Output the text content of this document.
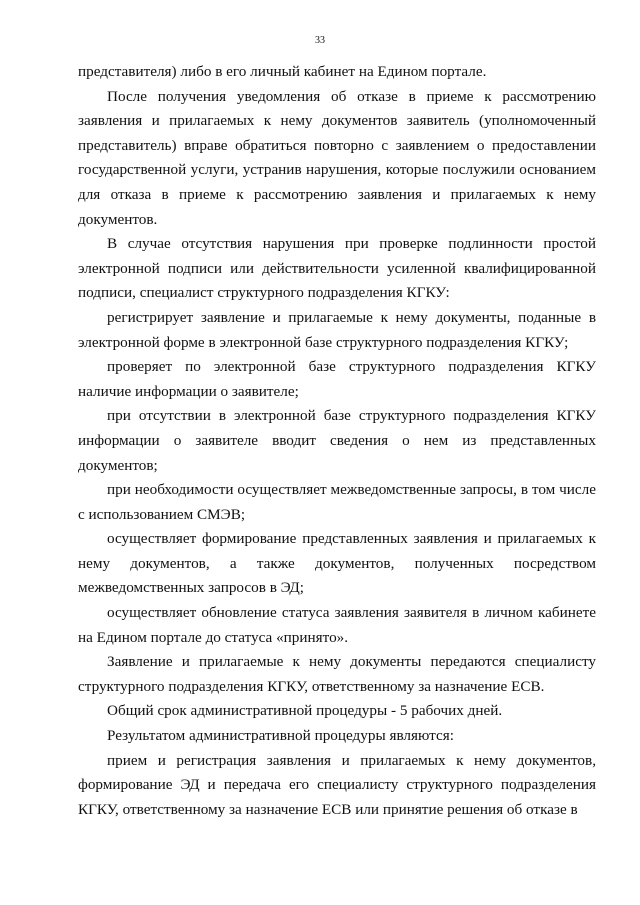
33

представителя) либо в его личный кабинет на Едином портале.

После получения уведомления об отказе в приеме к рассмотрению заявления и прилагаемых к нему документов заявитель (уполномоченный представитель) вправе обратиться повторно с заявлением о предоставлении государственной услуги, устранив нарушения, которые послужили основанием для отказа в приеме к рассмотрению заявления и прилагаемых к нему документов.

В случае отсутствия нарушения при проверке подлинности простой электронной подписи или действительности усиленной квалифицированной подписи, специалист структурного подразделения КГКУ:

регистрирует заявление и прилагаемые к нему документы, поданные в электронной форме в электронной базе структурного подразделения КГКУ;

проверяет по электронной базе структурного подразделения КГКУ наличие информации о заявителе;

при отсутствии в электронной базе структурного подразделения КГКУ информации о заявителе вводит сведения о нем из представленных документов;

при необходимости осуществляет межведомственные запросы, в том числе с использованием СМЭВ;

осуществляет формирование представленных заявления и прилагаемых к нему документов, а также документов, полученных посредством межведомственных запросов в ЭД;

осуществляет обновление статуса заявления заявителя в личном кабинете на Едином портале до статуса «принято».

Заявление и прилагаемые к нему документы передаются специалисту структурного подразделения КГКУ, ответственному за назначение ЕСВ.

Общий срок административной процедуры - 5 рабочих дней.

Результатом административной процедуры являются:

прием и регистрация заявления и прилагаемых к нему документов, формирование ЭД и передача его специалисту структурного подразделения КГКУ, ответственному за назначение ЕСВ или принятие решения об отказе в
